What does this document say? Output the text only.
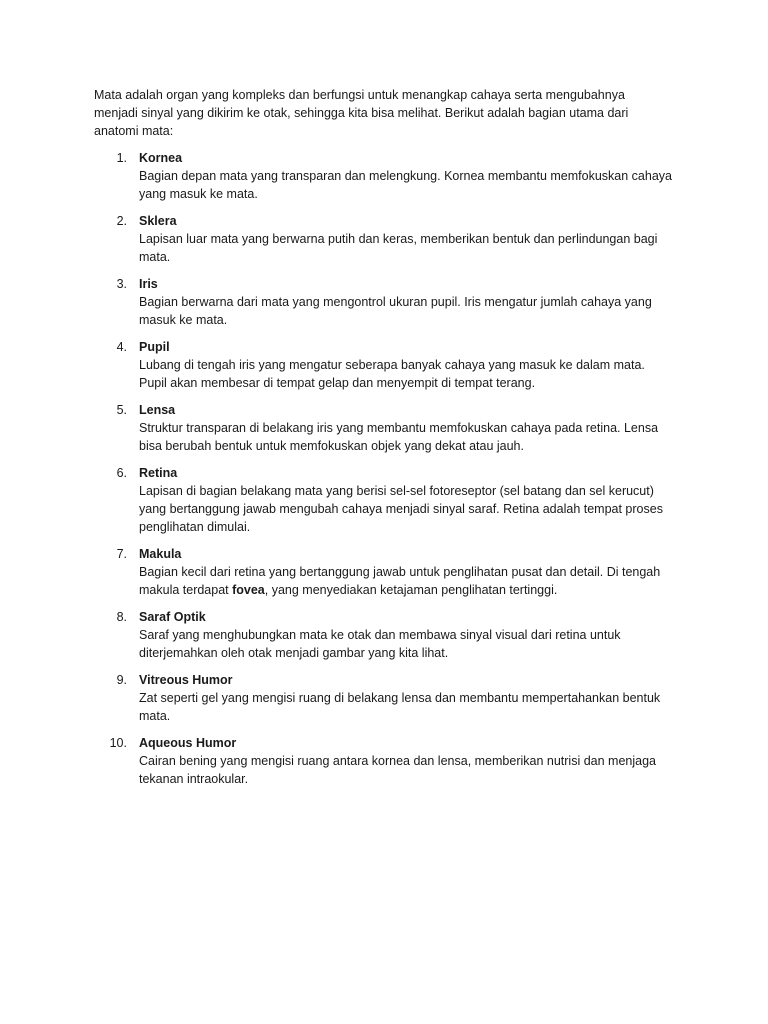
Mata adalah organ yang kompleks dan berfungsi untuk menangkap cahaya serta mengubahnya menjadi sinyal yang dikirim ke otak, sehingga kita bisa melihat. Berikut adalah bagian utama dari anatomi mata:

1. Kornea
Bagian depan mata yang transparan dan melengkung. Kornea membantu memfokuskan cahaya yang masuk ke mata.
2. Sklera
Lapisan luar mata yang berwarna putih dan keras, memberikan bentuk dan perlindungan bagi mata.
3. Iris
Bagian berwarna dari mata yang mengontrol ukuran pupil. Iris mengatur jumlah cahaya yang masuk ke mata.
4. Pupil
Lubang di tengah iris yang mengatur seberapa banyak cahaya yang masuk ke dalam mata. Pupil akan membesar di tempat gelap dan menyempit di tempat terang.
5. Lensa
Struktur transparan di belakang iris yang membantu memfokuskan cahaya pada retina. Lensa bisa berubah bentuk untuk memfokuskan objek yang dekat atau jauh.
6. Retina
Lapisan di bagian belakang mata yang berisi sel-sel fotoreseptor (sel batang dan sel kerucut) yang bertanggung jawab mengubah cahaya menjadi sinyal saraf. Retina adalah tempat proses penglihatan dimulai.
7. Makula
Bagian kecil dari retina yang bertanggung jawab untuk penglihatan pusat dan detail. Di tengah makula terdapat fovea, yang menyediakan ketajaman penglihatan tertinggi.
8. Saraf Optik
Saraf yang menghubungkan mata ke otak dan membawa sinyal visual dari retina untuk diterjemahkan oleh otak menjadi gambar yang kita lihat.
9. Vitreous Humor
Zat seperti gel yang mengisi ruang di belakang lensa dan membantu mempertahankan bentuk mata.
10. Aqueous Humor
Cairan bening yang mengisi ruang antara kornea dan lensa, memberikan nutrisi dan menjaga tekanan intraokular.
